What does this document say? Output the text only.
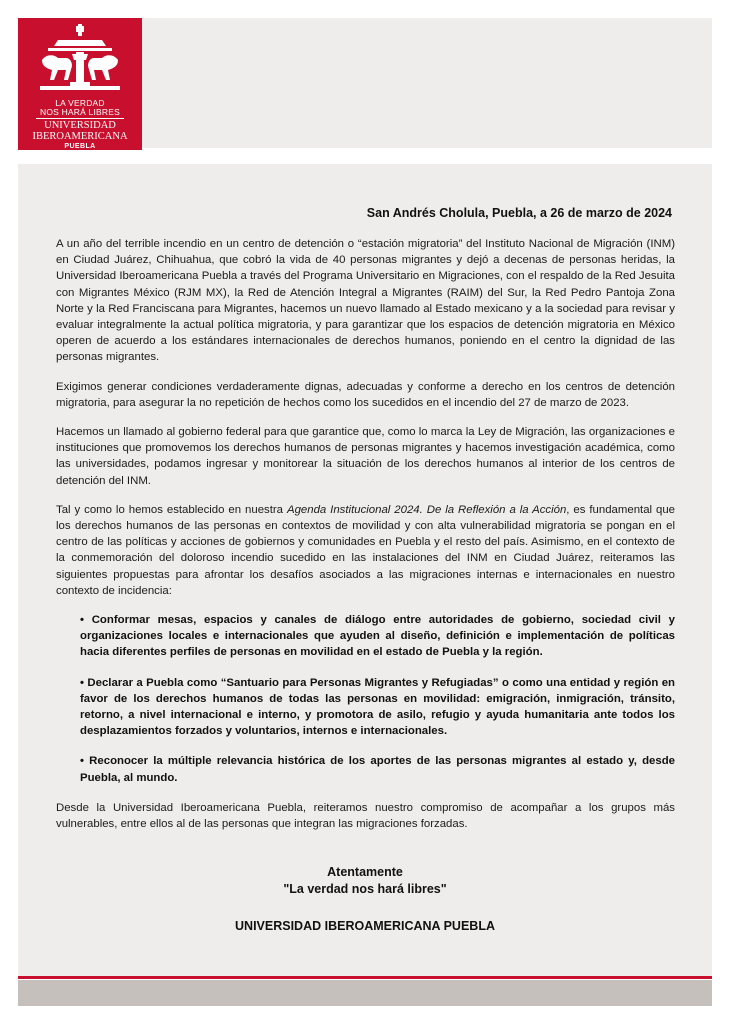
LA VERDAD
NOS HARÁ LIBRES
UNIVERSIDAD
IBEROAMERICANA
PUEBLA
San Andrés Cholula, Puebla, a 26 de marzo de 2024

A un año del terrible incendio en un centro de detención o “estación migratoria” del Instituto Nacional de Migración (INM) en Ciudad Juárez, Chihuahua, que cobró la vida de 40 personas migrantes y dejó a decenas de personas heridas, la Universidad Iberoamericana Puebla a través del Programa Universitario en Migraciones, con el respaldo de la Red Jesuita con Migrantes México (RJM MX), la Red de Atención Integral a Migrantes (RAIM) del Sur, la Red Pedro Pantoja Zona Norte y la Red Franciscana para Migrantes, hacemos un nuevo llamado al Estado mexicano y a la sociedad para revisar y evaluar integralmente la actual política migratoria, y para garantizar que los espacios de detención migratoria en México operen de acuerdo a los estándares internacionales de derechos humanos, poniendo en el centro la dignidad de las personas migrantes.

Exigimos generar condiciones verdaderamente dignas, adecuadas y conforme a derecho en los centros de detención migratoria, para asegurar la no repetición de hechos como los sucedidos en el incendio del 27 de marzo de 2023.

Hacemos un llamado al gobierno federal para que garantice que, como lo marca la Ley de Migración, las organizaciones e instituciones que promovemos los derechos humanos de personas migrantes y hacemos investigación académica, como las universidades, podamos ingresar y monitorear la situación de los derechos humanos al interior de los centros de detención del INM.

Tal y como lo hemos establecido en nuestra Agenda Institucional 2024. De la Reflexión a la Acción, es fundamental que los derechos humanos de las personas en contextos de movilidad y con alta vulnerabilidad migratoria se pongan en el centro de las políticas y acciones de gobiernos y comunidades en Puebla y el resto del país. Asimismo, en el contexto de la conmemoración del doloroso incendio sucedido en las instalaciones del INM en Ciudad Juárez, reiteramos las siguientes propuestas para afrontar los desafíos asociados a las migraciones internas e internacionales en nuestro contexto de incidencia:

• Conformar mesas, espacios y canales de diálogo entre autoridades de gobierno, sociedad civil y organizaciones locales e internacionales que ayuden al diseño, definición e implementación de políticas hacia diferentes perfiles de personas en movilidad en el estado de Puebla y la región.

• Declarar a Puebla como “Santuario para Personas Migrantes y Refugiadas” o como una entidad y región en favor de los derechos humanos de todas las personas en movilidad: emigración, inmigración, tránsito, retorno, a nivel internacional e interno, y promotora de asilo, refugio y ayuda humanitaria ante todos los desplazamientos forzados y voluntarios, internos e internacionales.

• Reconocer la múltiple relevancia histórica de los aportes de las personas migrantes al estado y, desde Puebla, al mundo.

Desde la Universidad Iberoamericana Puebla, reiteramos nuestro compromiso de acompañar a los grupos más vulnerables, entre ellos al de las personas que integran las migraciones forzadas.

Atentamente
"La verdad nos hará libres"
UNIVERSIDAD IBEROAMERICANA PUEBLA
